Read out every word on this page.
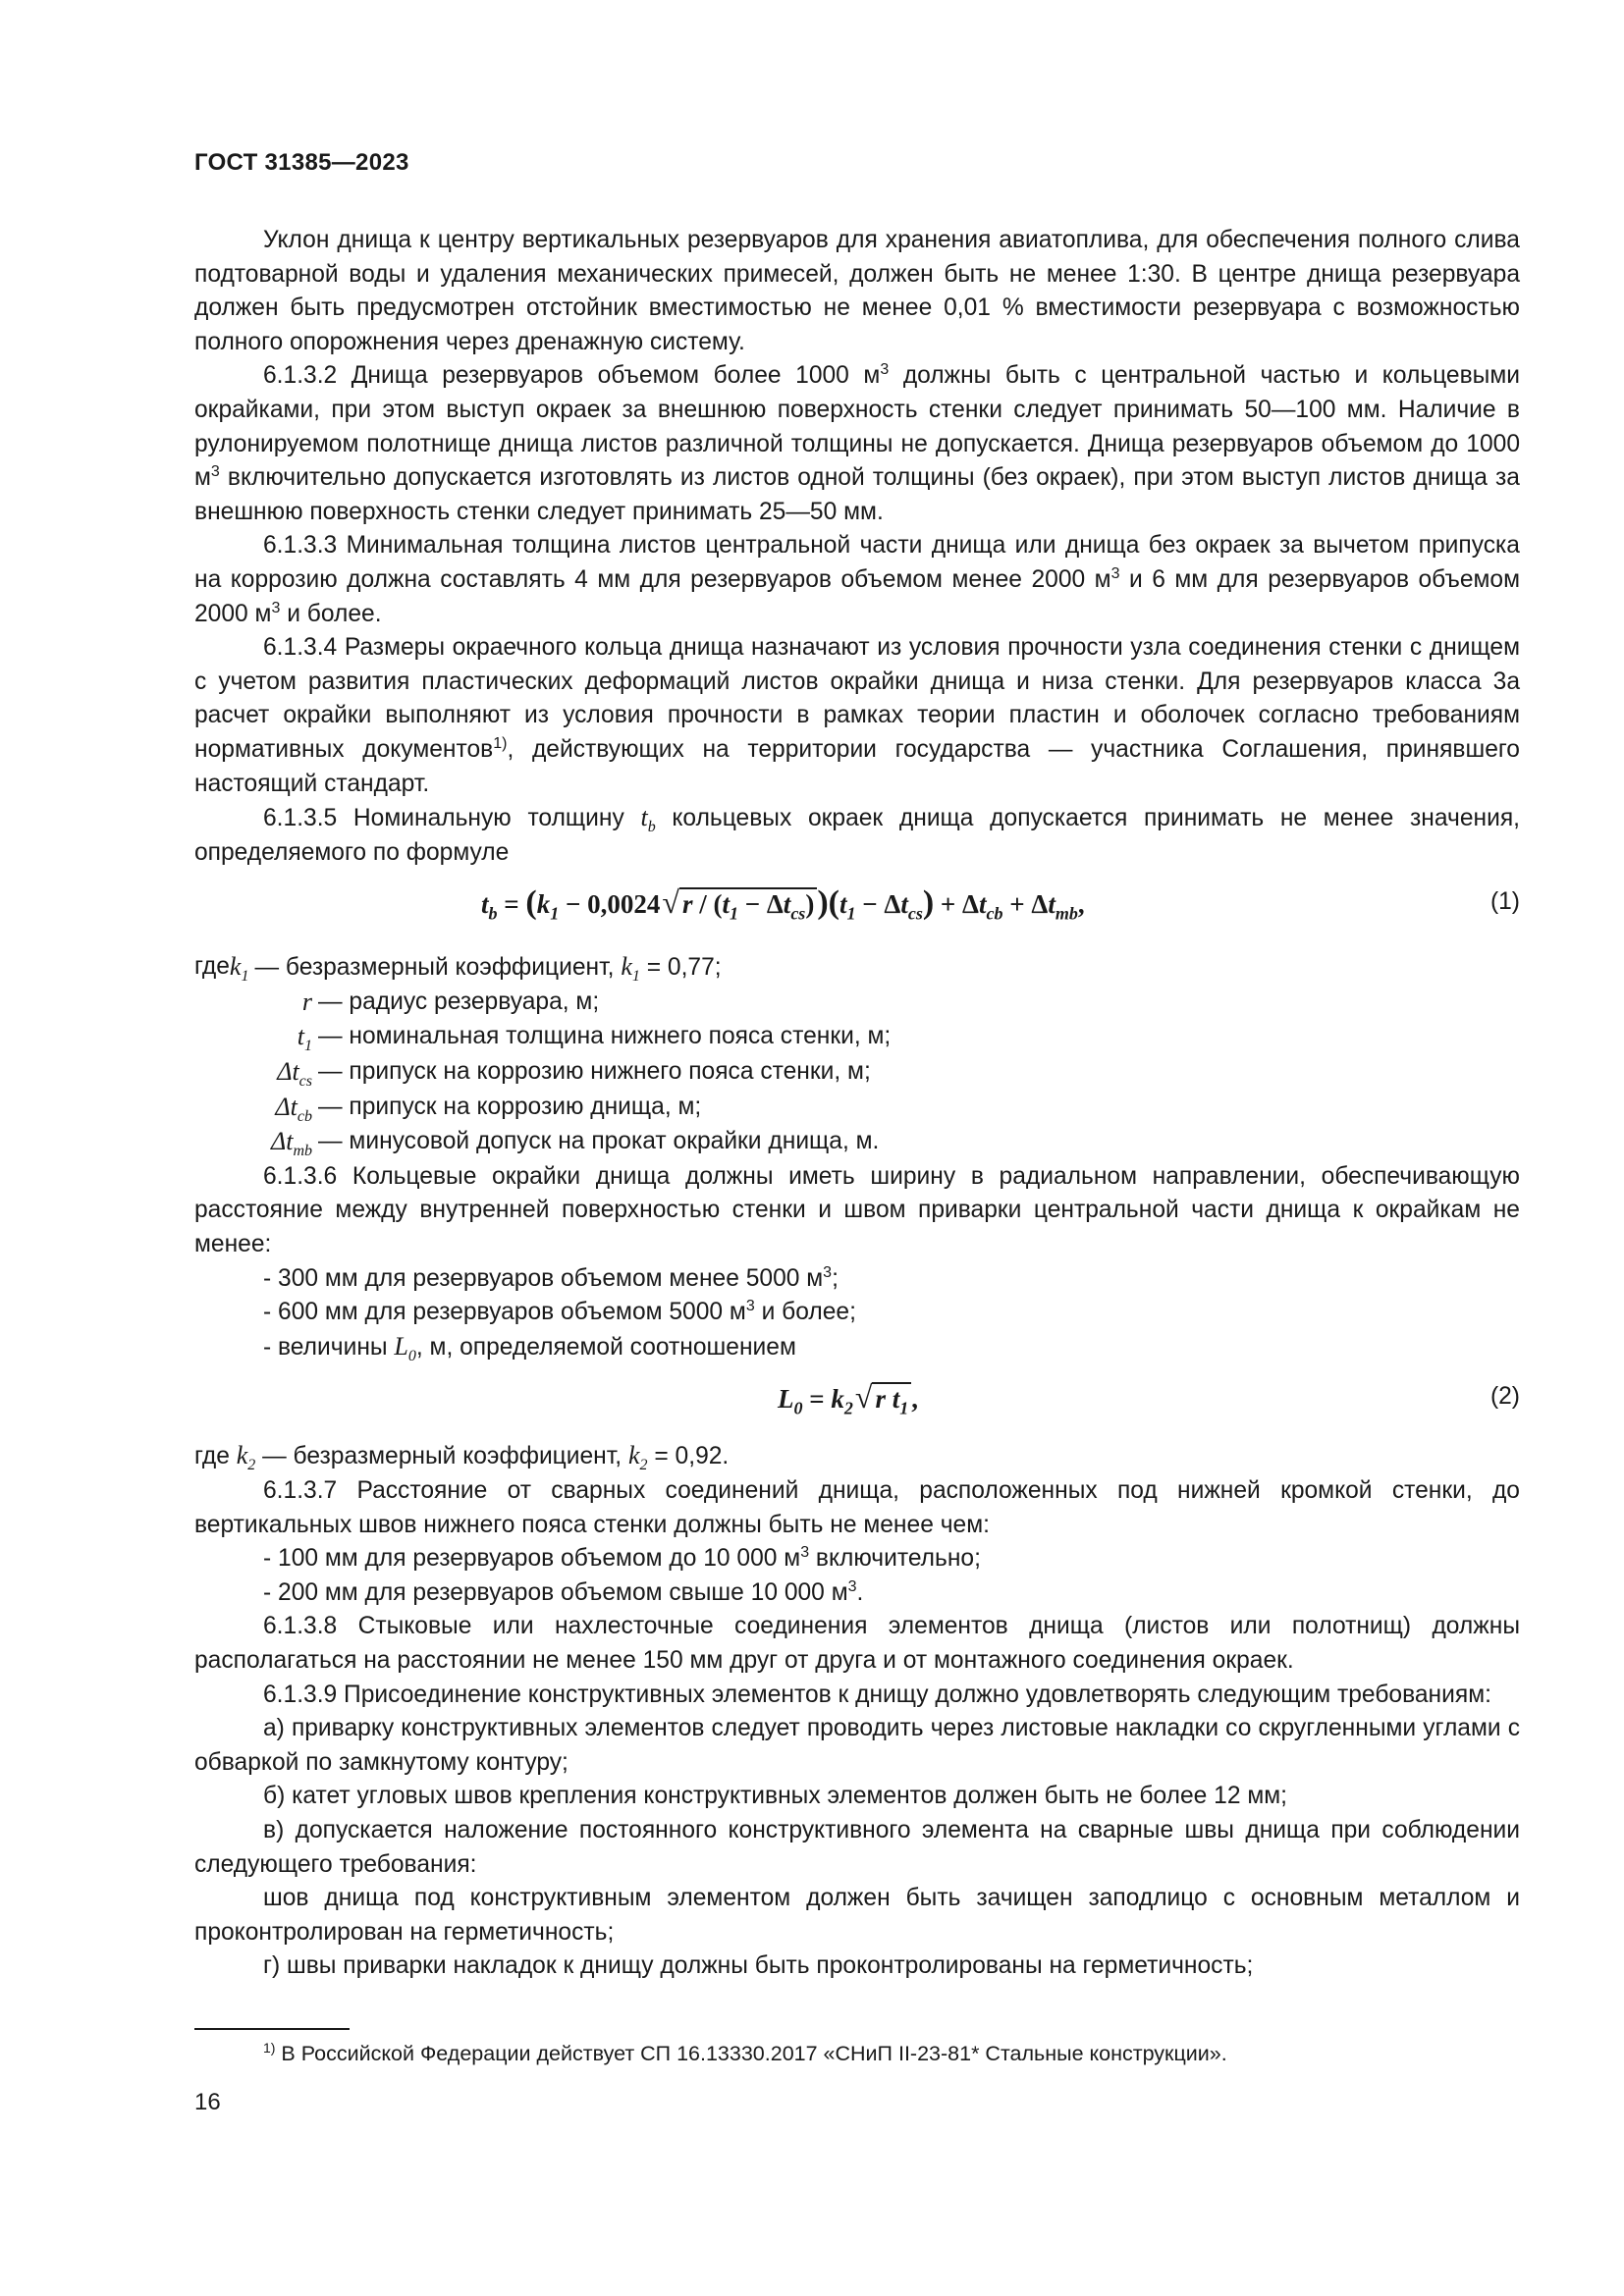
ГОСТ 31385—2023

Уклон днища к центру вертикальных резервуаров для хранения авиатоплива, для обеспечения полного слива подтоварной воды и удаления механических примесей, должен быть не менее 1:30. В центре днища резервуара должен быть предусмотрен отстойник вместимостью не менее 0,01 % вместимости резервуара с возможностью полного опорожнения через дренажную систему.

6.1.3.2 Днища резервуаров объемом более 1000 $м^3$ должны быть с центральной частью и кольцевыми окрайками, при этом выступ окраек за внешнюю поверхность стенки следует принимать 50—100 мм. Наличие в рулонируемом полотнище днища листов различной толщины не допускается. Днища резервуаров объемом до 1000 $м^3$ включительно допускается изготовлять из листов одной толщины (без окраек), при этом выступ листов днища за внешнюю поверхность стенки следует принимать 25—50 мм.

6.1.3.3 Минимальная толщина листов центральной части днища или днища без окраек за вычетом припуска на коррозию должна составлять 4 мм для резервуаров объемом менее 2000 $м^3$ и 6 мм для резервуаров объемом 2000 $м^3$ и более.

6.1.3.4 Размеры окраечного кольца днища назначают из условия прочности узла соединения стенки с днищем с учетом развития пластических деформаций листов окрайки днища и низа стенки. Для резервуаров класса 3а расчет окрайки выполняют из условия прочности в рамках теории пластин и оболочек согласно требованиям нормативных документов$^{1)}$, действующих на территории государства — участника Соглашения, принявшего настоящий стандарт.

6.1.3.5 Номинальную толщину $t_b$ кольцевых окраек днища допускается принимать не менее значения, определяемого по формуле

$t_b = (k_1 - 0,0024√$ $r / (t_1 - \Delta t_{cs}))(t_1 - \Delta t_{cs}) + \Delta t_{cb} + \Delta t_{mb}$,	(1)
где $k_1$ — безразмерный коэффициент, $k_1 = 0,77$;
r — радиус резервуара, м;
$t_1$ — номинальная толщина нижнего пояса стенки, м;
$\Delta t_{cs}$ — припуск на коррозию нижнего пояса стенки, м;
$\Delta t_{cb}$ — припуск на коррозию днища, м;
$\Delta t_{mb}$ — минусовой допуск на прокат окрайки днища, м.

6.1.3.6 Кольцевые окрайки днища должны иметь ширину в радиальном направлении, обеспечивающую расстояние между внутренней поверхностью стенки и швом приварки центральной части днища к окрайкам не менее:

- 300 мм для резервуаров объемом менее 5000 $м^3$;
- 600 мм для резервуаров объемом 5000 $м^3$ и более;
- величины $L_0$, м, определяемой соотношением
$L_0 = k_2√$ r $t_1$ ,	(2)

где $k_2$ — безразмерный коэффициент, $k_2 = 0,92$.

6.1.3.7 Расстояние от сварных соединений днища, расположенных под нижней кромкой стенки, до вертикальных швов нижнего пояса стенки должны быть не менее чем:

- 100 мм для резервуаров объемом до 10 000 $м^3$ включительно;
- 200 мм для резервуаров объемом свыше 10 000 $м^3$.

6.1.3.8 Стыковые или нахлесточные соединения элементов днища (листов или полотнищ) должны располагаться на расстоянии не менее 150 мм друг от друга и от монтажного соединения окраек.

6.1.3.9 Присоединение конструктивных элементов к днищу должно удовлетворять следующим требованиям:

а) приварку конструктивных элементов следует проводить через листовые накладки со скругленными углами с обваркой по замкнутому контуру;

б) катет угловых швов крепления конструктивных элементов должен быть не более 12 мм;

в) допускается наложение постоянного конструктивного элемента на сварные швы днища при соблюдении следующего требования:

шов днища под конструктивным элементом должен быть зачищен заподлицо с основным металлом и проконтролирован на герметичность;

г) швы приварки накладок к днищу должны быть проконтролированы на герметичность;

$^{1)}$ В Российской Федерации действует СП 16.13330.2017 «СНиП II-23-81* Стальные конструкции».
16
